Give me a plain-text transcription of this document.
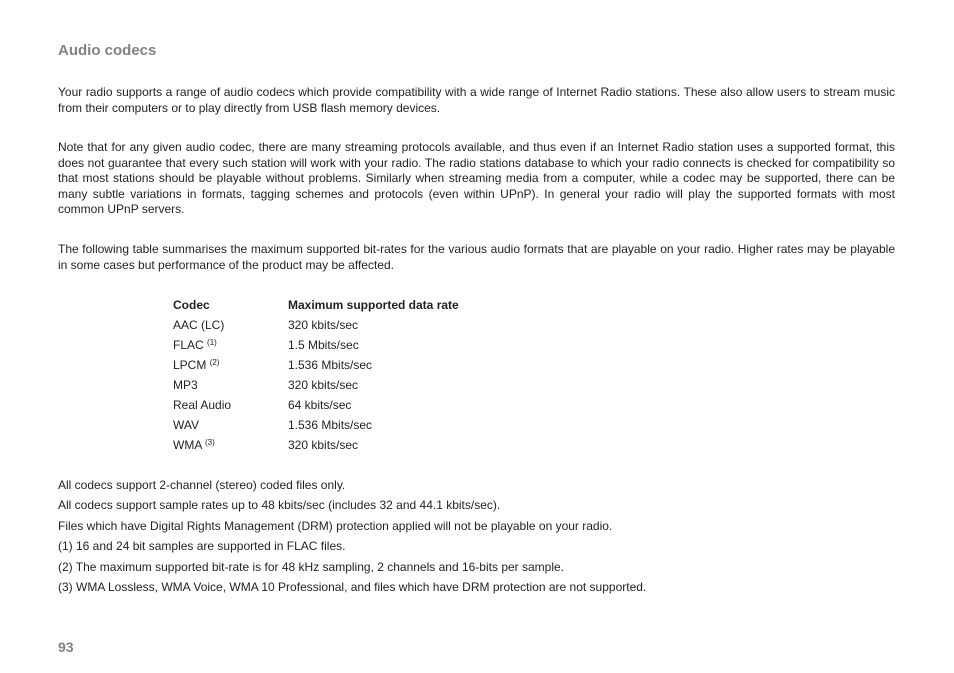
Audio codecs

Your radio supports a range of audio codecs which provide compatibility with a wide range of Internet Radio stations. These also allow users to stream music from their computers or to play directly from USB flash memory devices.

Note that for any given audio codec, there are many streaming protocols available, and thus even if an Internet Radio station uses a supported format, this does not guarantee that every such station will work with your radio. The radio stations database to which your radio connects is checked for compatibility so that most stations should be playable without problems. Similarly when streaming media from a computer, while a codec may be supported, there can be many subtle variations in formats, tagging schemes and protocols (even within UPnP). In general your radio will play the supported formats with most common UPnP servers.

The following table summarises the maximum supported bit-rates for the various audio formats that are playable on your radio. Higher rates may be playable in some cases but performance of the product may be affected.

Codec	Maximum supported data rate
AAC (LC)	320 kbits/sec
FLAC $^{(1)}$	1.5 Mbits/sec
LPCM $^{(2)}$	1.536 Mbits/sec
MP3	320 kbits/sec
Real Audio	64 kbits/sec
WAV	1.536 Mbits/sec
WMA $^{(3)}$	320 kbits/sec
All codecs support 2-channel (stereo) coded files only.
All codecs support sample rates up to 48 kbits/sec (includes 32 and 44.1 kbits/sec).
Files which have Digital Rights Management (DRM) protection applied will not be playable on your radio.
(1) 16 and 24 bit samples are supported in FLAC files.
(2) The maximum supported bit-rate is for 48 kHz sampling, 2 channels and 16-bits per sample.
(3) WMA Lossless, WMA Voice, WMA 10 Professional, and files which have DRM protection are not supported.
93
